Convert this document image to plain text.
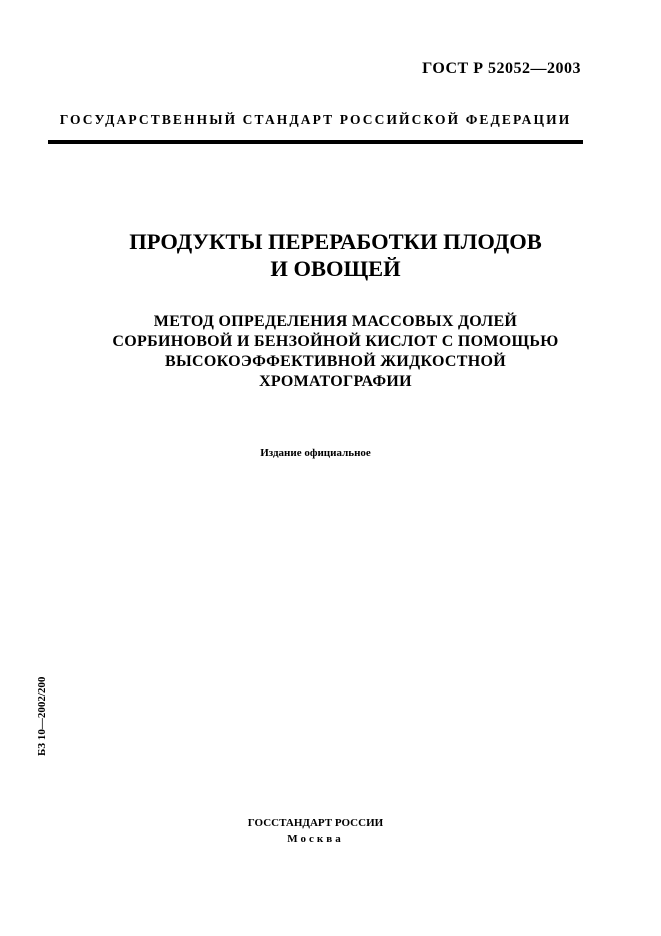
ГОСТ Р 52052—2003
ГОСУДАРСТВЕННЫЙ СТАНДАРТ РОССИЙСКОЙ ФЕДЕРАЦИИ
ПРОДУКТЫ ПЕРЕРАБОТКИ ПЛОДОВ
И ОВОЩЕЙ
МЕТОД ОПРЕДЕЛЕНИЯ МАССОВЫХ ДОЛЕЙ
СОРБИНОВОЙ И БЕНЗОЙНОЙ КИСЛОТ С ПОМОЩЬЮ
ВЫСОКОЭФФЕКТИВНОЙ ЖИДКОСТНОЙ
ХРОМАТОГРАФИИ
Издание официальное
БЗ 10—2002/200
ГОССТАНДАРТ РОССИИ
Москва
